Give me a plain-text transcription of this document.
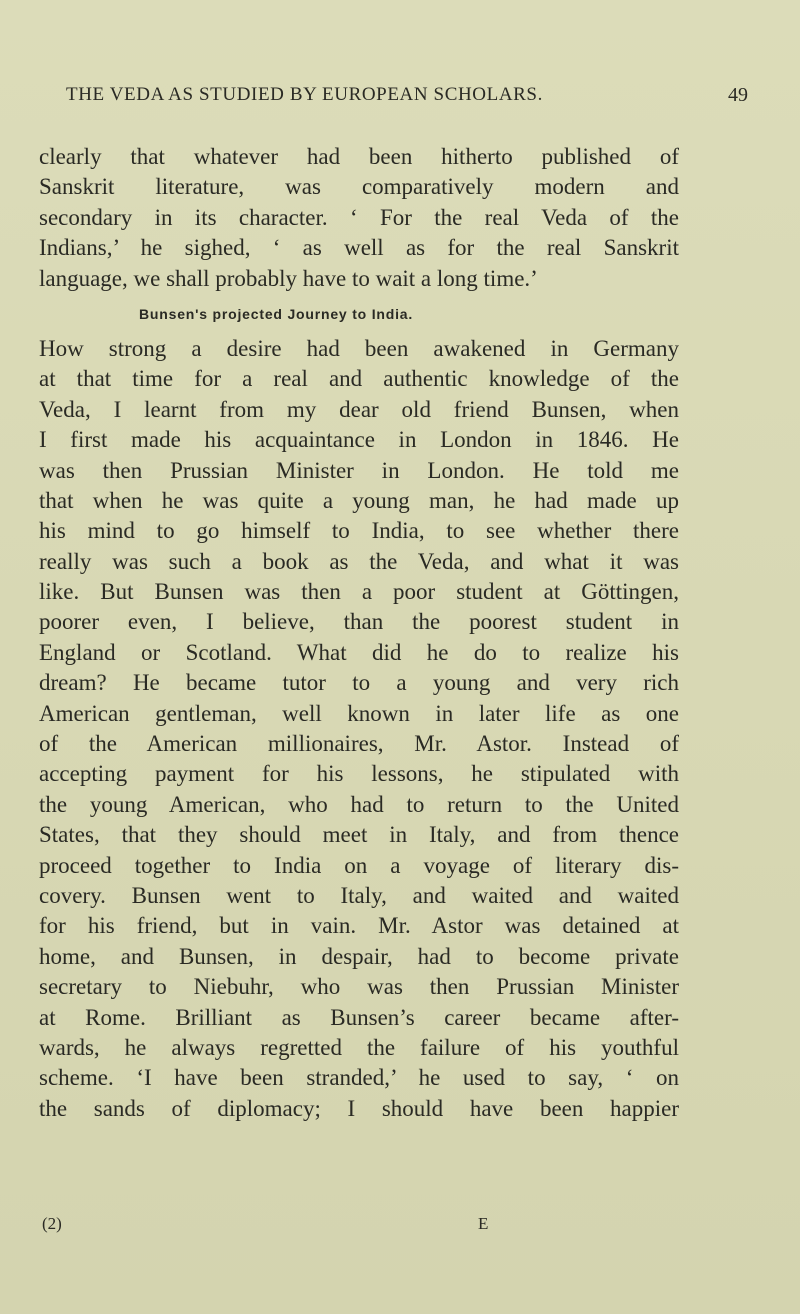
THE VEDA AS STUDIED BY EUROPEAN SCHOLARS.	49
clearly that whatever had been hitherto published of
Sanskrit literature, was comparatively modern and
secondary in its character. ‘ For the real Veda of the
Indians,’ he sighed, ‘ as well as for the real Sanskrit
language, we shall probably have to wait a long time.’
Bunsen's projected Journey to India.
How strong a desire had been awakened in Germany
at that time for a real and authentic knowledge of the
Veda, I learnt from my dear old friend Bunsen, when
I first made his acquaintance in London in 1846. He
was then Prussian Minister in London. He told me
that when he was quite a young man, he had made up
his mind to go himself to India, to see whether there
really was such a book as the Veda, and what it was
like. But Bunsen was then a poor student at Göttingen,
poorer even, I believe, than the poorest student in
England or Scotland. What did he do to realize his
dream? He became tutor to a young and very rich
American gentleman, well known in later life as one
of the American millionaires, Mr. Astor. Instead of
accepting payment for his lessons, he stipulated with
the young American, who had to return to the United
States, that they should meet in Italy, and from thence
proceed together to India on a voyage of literary dis-
covery. Bunsen went to Italy, and waited and waited
for his friend, but in vain. Mr. Astor was detained at
home, and Bunsen, in despair, had to become private
secretary to Niebuhr, who was then Prussian Minister
at Rome. Brilliant as Bunsen’s career became after-
wards, he always regretted the failure of his youthful
scheme. ‘I have been stranded,’ he used to say, ‘ on
the sands of diplomacy; I should have been happier
(2)	E
